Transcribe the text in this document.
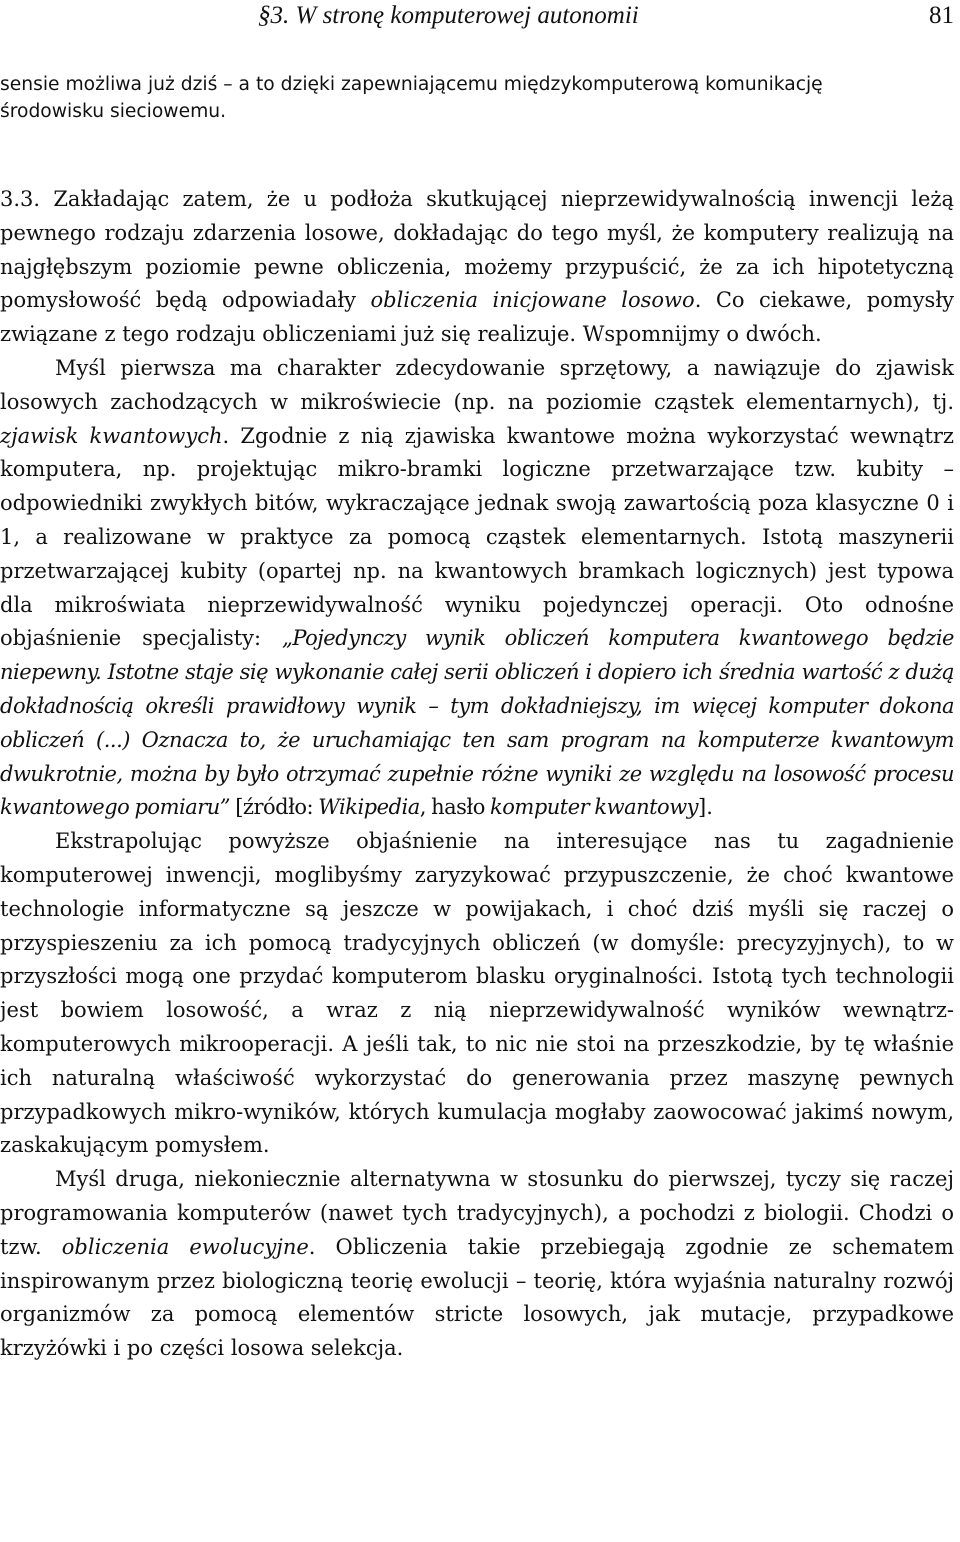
§3. W stronę komputerowej autonomii	81
sensie możliwa już dziś – a to dzięki zapewniającemu międzykomputerową komunikację
środowisku sieciowemu.

3.3. Zakładając zatem, że u podłoża skutkującej nieprzewidywalnością inwencji leżą pewnego rodzaju zdarzenia losowe, dokładając do tego myśl, że komputery realizują na najgłębszym poziomie pewne obliczenia, możemy przypuścić, że za ich hipotetyczną pomysłowość będą odpowiadały obliczenia inicjowane losowo. Co ciekawe, pomysły związane z tego rodzaju obliczeniami już się realizuje. Wspomnijmy o dwóch.

Myśl pierwsza ma charakter zdecydowanie sprzętowy, a nawiązuje do zjawisk losowych zachodzących w mikroświecie (np. na poziomie cząstek elementarnych), tj. zjawisk kwantowych. Zgodnie z nią zjawiska kwantowe można wykorzystać wewnątrz komputera, np. projektując mikro-bramki logiczne przetwarzające tzw. kubity – odpowiedniki zwykłych bitów, wykraczające jednak swoją zawartością poza klasyczne 0 i 1, a realizowane w praktyce za pomocą cząstek elementarnych. Istotą maszynerii przetwarzającej kubity (opartej np. na kwantowych bramkach logicznych) jest typowa dla mikroświata nieprzewidywalność wyniku pojedynczej operacji. Oto odnośne objaśnienie specjalisty: „Pojedynczy wynik obliczeń komputera kwantowego będzie niepewny. Istotne staje się wykonanie całej serii obliczeń i dopiero ich średnia wartość z dużą dokładnością określi prawidłowy wynik – tym dokładniejszy, im więcej komputer dokona obliczeń (...) Oznacza to, że uruchamiając ten sam program na komputerze kwantowym dwukrotnie, można by było otrzymać zupełnie różne wyniki ze względu na losowość procesu kwantowego pomiaru” [źródło: Wikipedia, hasło komputer kwantowy].

Ekstrapolując powyższe objaśnienie na interesujące nas tu zagadnienie komputerowej inwencji, moglibyśmy zaryzykować przypuszczenie, że choć kwantowe technologie informatyczne są jeszcze w powijakach, i choć dziś myśli się raczej o przyspieszeniu za ich pomocą tradycyjnych obliczeń (w domyśle: precyzyjnych), to w przyszłości mogą one przydać komputerom blasku oryginalności. Istotą tych technologii jest bowiem losowość, a wraz z nią nieprzewidywalność wyników wewnątrz-komputerowych mikrooperacji. A jeśli tak, to nic nie stoi na przeszkodzie, by tę właśnie ich naturalną właściwość wykorzystać do generowania przez maszynę pewnych przypadkowych mikro-wyników, których kumulacja mogłaby zaowocować jakimś nowym, zaskakującym pomysłem.

Myśl druga, niekoniecznie alternatywna w stosunku do pierwszej, tyczy się raczej programowania komputerów (nawet tych tradycyjnych), a pochodzi z biologii. Chodzi o tzw. obliczenia ewolucyjne. Obliczenia takie przebiegają zgodnie ze schematem inspirowanym przez biologiczną teorię ewolucji – teorię, która wyjaśnia naturalny rozwój organizmów za pomocą elementów stricte losowych, jak mutacje, przypadkowe krzyżówki i po części losowa selekcja.
